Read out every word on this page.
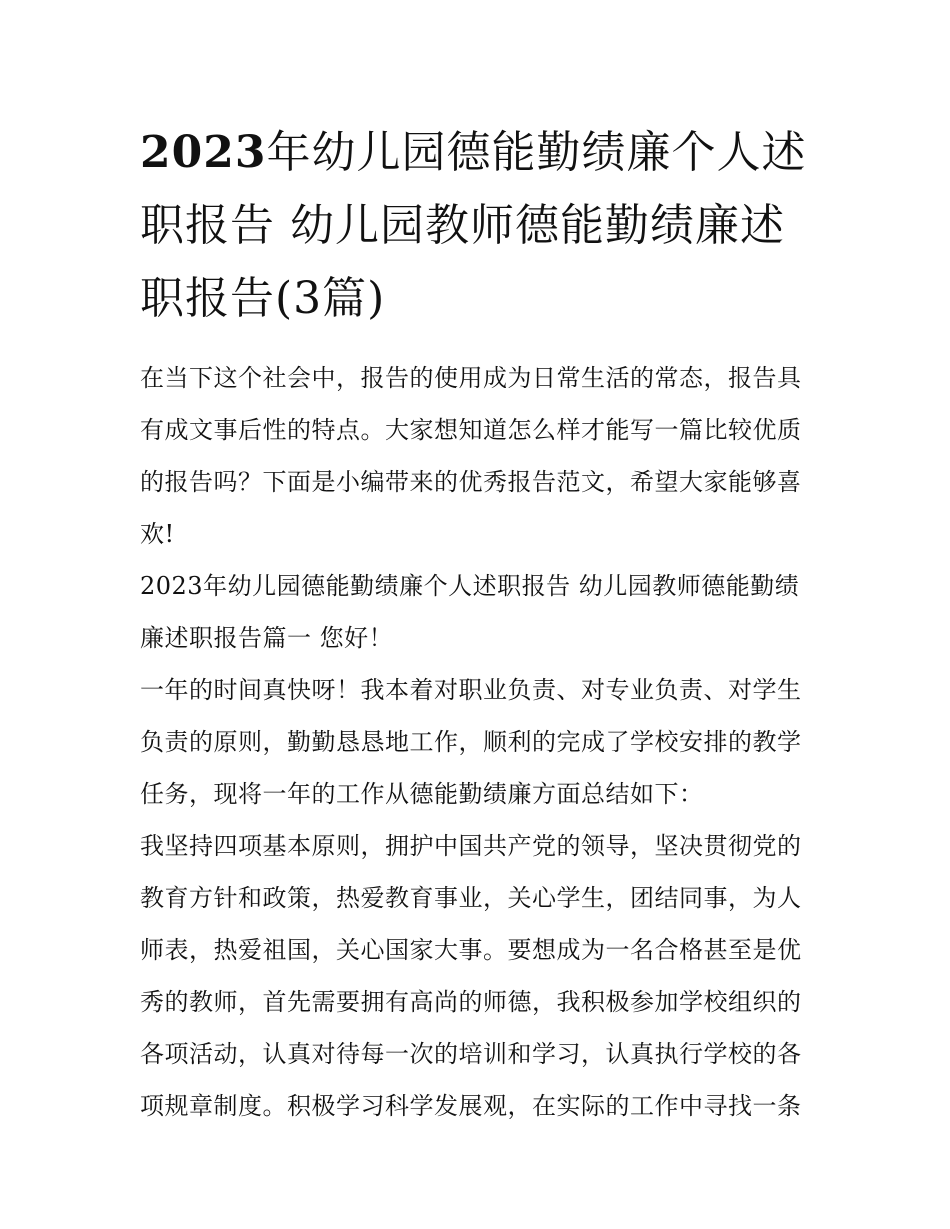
2023年幼儿园德能勤绩廉个人述职报告 幼儿园教师德能勤绩廉述职报告(3篇)

在当下这个社会中，报告的使用成为日常生活的常态，报告具有成文事后性的特点。大家想知道怎么样才能写一篇比较优质的报告吗？下面是小编带来的优秀报告范文，希望大家能够喜欢!

2023年幼儿园德能勤绩廉个人述职报告 幼儿园教师德能勤绩廉述职报告篇一 您好！

一年的时间真快呀！我本着对职业负责、对专业负责、对学生负责的原则，勤勤恳恳地工作，顺利的完成了学校安排的教学任务，现将一年的工作从德能勤绩廉方面总结如下：

我坚持四项基本原则，拥护中国共产党的领导，坚决贯彻党的教育方针和政策，热爱教育事业，关心学生，团结同事，为人师表，热爱祖国，关心国家大事。要想成为一名合格甚至是优秀的教师，首先需要拥有高尚的师德，我积极参加学校组织的各项活动，认真对待每一次的培训和学习，认真执行学校的各项规章制度。积极学习科学发展观，在实际的工作中寻找一条
